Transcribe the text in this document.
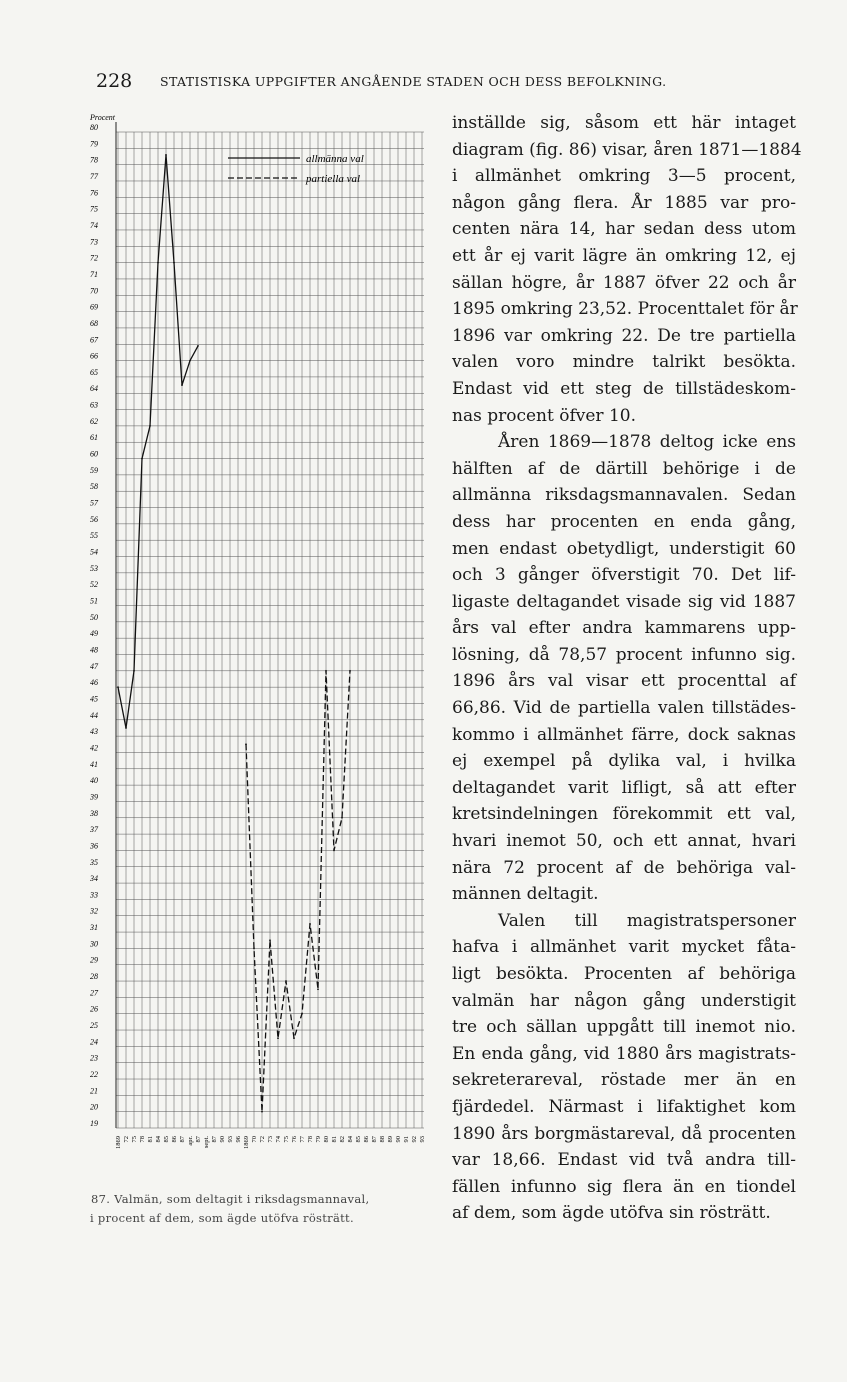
228 STATISTISKA UPPGIFTER ANGÅENDE STADEN OCH DESS BEFOLKNING.
19
20
21
22
23
24
25
26
27
28
29
30
31
32
33
34
35
36
37
38
39
40
41
42
43
44
45
46
47
48
49
50
51
52
53
54
55
56
57
58
59
60
61
62
63
64
65
66
67
68
69
70
71
72
73
74
75
76
77
78
79
80
1869 72 75 78 81 84 85 86 87 apr. 87 sept. 87 90 93 96 1869 70 72 73 74 75 76 77 78 79 80 81 82 84 85 86 87 88 89 90 91 92 93
allmänna val
partiella val
Procent
87. Valmän, som deltagit i riksdagsmannaval,
i procent af dem, som ägde utöfva rösträtt.
inställde sig, såsom ett här intaget
diagram (fig. 86) visar, åren 1871—1884
i allmänhet omkring 3—5 procent,
någon gång flera. År 1885 var pro-
centen nära 14, har sedan dess utom
ett år ej varit lägre än omkring 12, ej
sällan högre, år 1887 öfver 22 och år
1895 omkring 23,52. Procenttalet för år
1896 var omkring 22. De tre partiella
valen voro mindre talrikt besökta.
Endast vid ett steg de tillstädeskom-
nas procent öfver 10.
Åren 1869—1878 deltog icke ens
hälften af de därtill behörige i de
allmänna riksdagsmannavalen. Sedan
dess har procenten en enda gång,
men endast obetydligt, understigit 60
och 3 gånger öfverstigit 70. Det lif-
ligaste deltagandet visade sig vid 1887
års val efter andra kammarens upp-
lösning, då 78,57 procent infunno sig.
1896 års val visar ett procenttal af
66,86. Vid de partiella valen tillstädes-
kommo i allmänhet färre, dock saknas
ej exempel på dylika val, i hvilka
deltagandet varit lifligt, så att efter
kretsindelningen förekommit ett val,
hvari inemot 50, och ett annat, hvari
nära 72 procent af de behöriga val-
männen deltagit.
Valen till magistratspersoner
hafva i allmänhet varit mycket fåta-
ligt besökta. Procenten af behöriga
valmän har någon gång understigit
tre och sällan uppgått till inemot nio.
En enda gång, vid 1880 års magistrats-
sekreterareval, röstade mer än en
fjärdedel. Närmast i lifaktighet kom
1890 års borgmästareval, då procenten
var 18,66. Endast vid två andra till-
fällen infunno sig flera än en tiondel
af dem, som ägde utöfva sin rösträtt.
